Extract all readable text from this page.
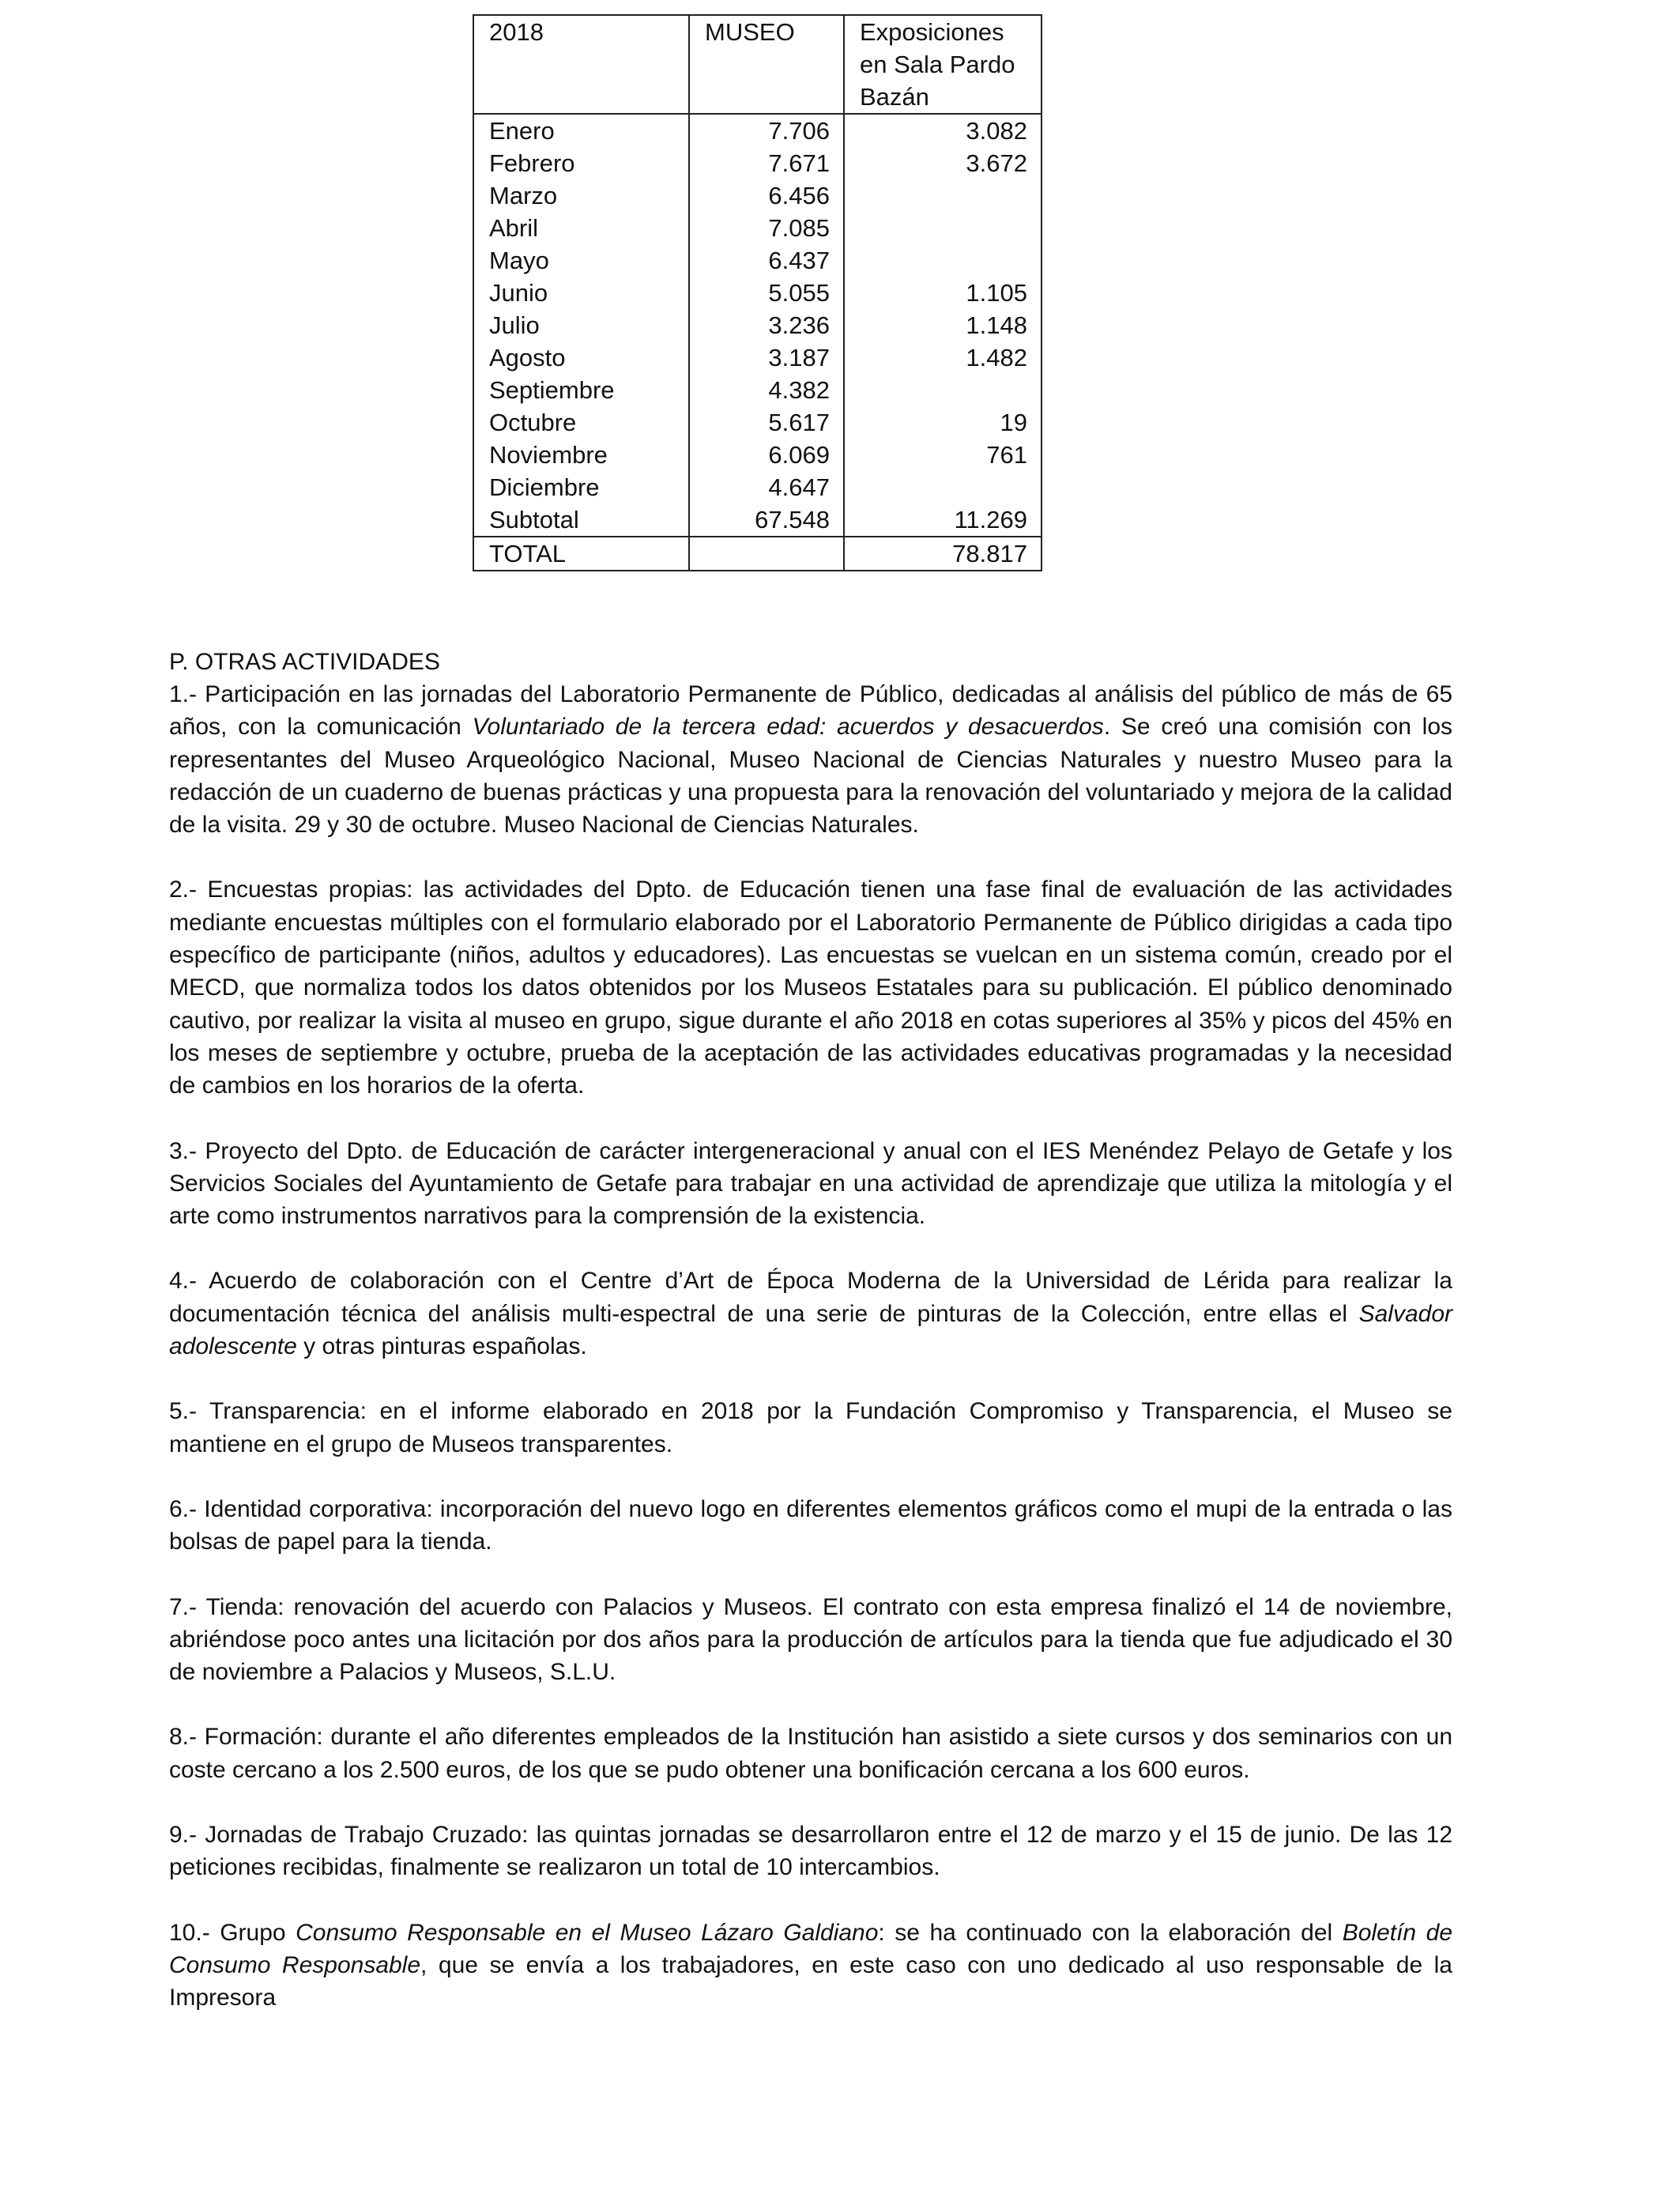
2018	MUSEO	Exposiciones en Sala Pardo Bazán
Enero	7.706	3.082
Febrero	7.671	3.672
Marzo	6.456	
Abril	7.085	
Mayo	6.437	
Junio	5.055	1.105
Julio	3.236	1.148
Agosto	3.187	1.482
Septiembre	4.382	
Octubre	5.617	19
Noviembre	6.069	761
Diciembre	4.647	
Subtotal	67.548	11.269
TOTAL		78.817
P. OTRAS ACTIVIDADES

1.- Participación en las jornadas del Laboratorio Permanente de Público, dedicadas al análisis del público de más de 65 años, con la comunicación Voluntariado de la tercera edad: acuerdos y desacuerdos. Se creó una comisión con los representantes del Museo Arqueológico Nacional, Museo Nacional de Ciencias Naturales y nuestro Museo para la redacción de un cuaderno de buenas prácticas y una propuesta para la renovación del voluntariado y mejora de la calidad de la visita. 29 y 30 de octubre. Museo Nacional de Ciencias Naturales.

2.- Encuestas propias: las actividades del Dpto. de Educación tienen una fase final de evaluación de las actividades mediante encuestas múltiples con el formulario elaborado por el Laboratorio Permanente de Público dirigidas a cada tipo específico de participante (niños, adultos y educadores). Las encuestas se vuelcan en un sistema común, creado por el MECD, que normaliza todos los datos obtenidos por los Museos Estatales para su publicación. El público denominado cautivo, por realizar la visita al museo en grupo, sigue durante el año 2018 en cotas superiores al 35% y picos del 45% en los meses de septiembre y octubre, prueba de la aceptación de las actividades educativas programadas y la necesidad de cambios en los horarios de la oferta.

3.- Proyecto del Dpto. de Educación de carácter intergeneracional y anual con el IES Menéndez Pelayo de Getafe y los Servicios Sociales del Ayuntamiento de Getafe para trabajar en una actividad de aprendizaje que utiliza la mitología y el arte como instrumentos narrativos para la comprensión de la existencia.

4.- Acuerdo de colaboración con el Centre d’Art de Época Moderna de la Universidad de Lérida para realizar la documentación técnica del análisis multi-espectral de una serie de pinturas de la Colección, entre ellas el Salvador adolescente y otras pinturas españolas.

5.- Transparencia: en el informe elaborado en 2018 por la Fundación Compromiso y Transparencia, el Museo se mantiene en el grupo de Museos transparentes.

6.- Identidad corporativa: incorporación del nuevo logo en diferentes elementos gráficos como el mupi de la entrada o las bolsas de papel para la tienda.

7.- Tienda: renovación del acuerdo con Palacios y Museos. El contrato con esta empresa finalizó el 14 de noviembre, abriéndose poco antes una licitación por dos años para la producción de artículos para la tienda que fue adjudicado el 30 de noviembre a Palacios y Museos, S.L.U.

8.- Formación: durante el año diferentes empleados de la Institución han asistido a siete cursos y dos seminarios con un coste cercano a los 2.500 euros, de los que se pudo obtener una bonificación cercana a los 600 euros.

9.- Jornadas de Trabajo Cruzado: las quintas jornadas se desarrollaron entre el 12 de marzo y el 15 de junio. De las 12 peticiones recibidas, finalmente se realizaron un total de 10 intercambios.

10.- Grupo Consumo Responsable en el Museo Lázaro Galdiano: se ha continuado con la elaboración del Boletín de Consumo Responsable, que se envía a los trabajadores, en este caso con uno dedicado al uso responsable de la Impresora
